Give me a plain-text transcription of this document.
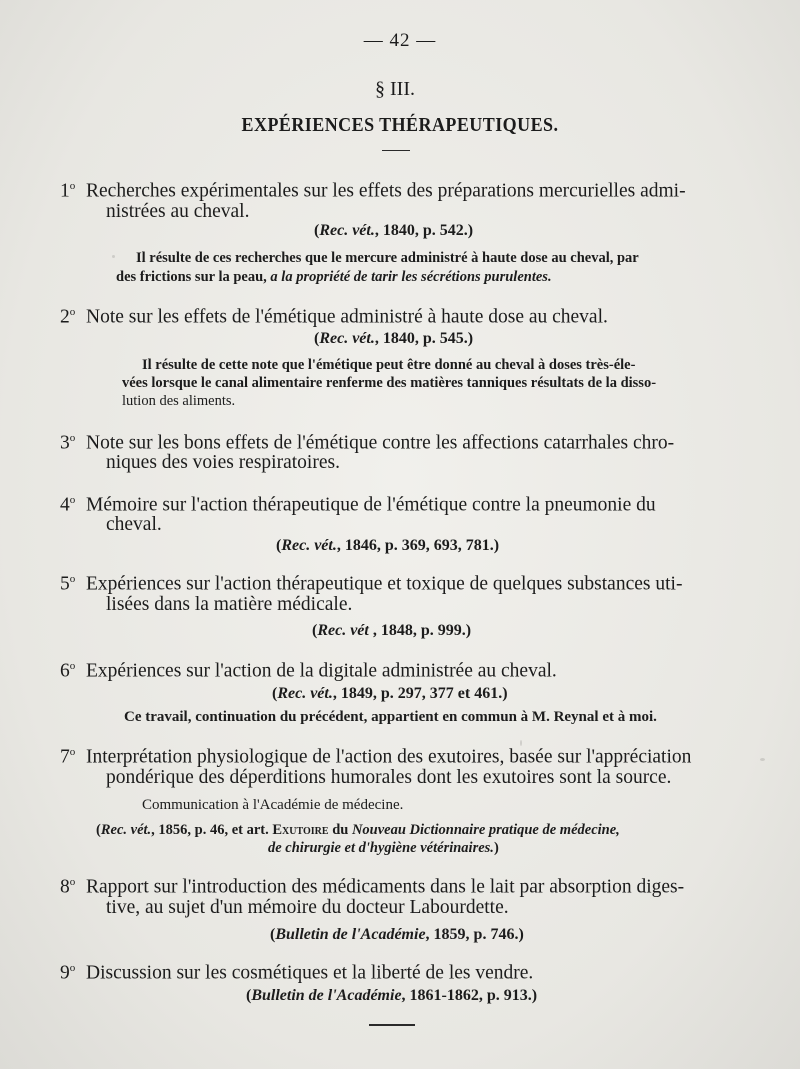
— 42 —
§ III.
EXPÉRIENCES THÉRAPEUTIQUES.
1$^o$ Recherches expérimentales sur les effets des préparations mercurielles admi-
nistrées au cheval.
(Rec. vét., 1840, p. 542.)
Il résulte de ces recherches que le mercure administré à haute dose au cheval, par
des frictions sur la peau, a la propriété de tarir les sécrétions purulentes.
2$^o$ Note sur les effets de l'émétique administré à haute dose au cheval.
(Rec. vét., 1840, p. 545.)
Il résulte de cette note que l'émétique peut être donné au cheval à doses très-éle-
vées lorsque le canal alimentaire renferme des matières tanniques résultats de la disso-
lution des aliments.
3$^o$ Note sur les bons effets de l'émétique contre les affections catarrhales chro-
niques des voies respiratoires.
4$^o$ Mémoire sur l'action thérapeutique de l'émétique contre la pneumonie du
cheval.
(Rec. vét., 1846, p. 369, 693, 781.)
5$^o$ Expériences sur l'action thérapeutique et toxique de quelques substances uti-
lisées dans la matière médicale.
(Rec. vét , 1848, p. 999.)
6$^o$ Expériences sur l'action de la digitale administrée au cheval.
(Rec. vét., 1849, p. 297, 377 et 461.)
Ce travail, continuation du précédent, appartient en commun à M. Reynal et à moi.
7$^o$ Interprétation physiologique de l'action des exutoires, basée sur l'appréciation
pondérique des déperditions humorales dont les exutoires sont la source.
Communication à l'Académie de médecine.
(Rec. vét., 1856, p. 46, et art. Exutoire du Nouveau Dictionnaire pratique de médecine,
de chirurgie et d'hygiène vétérinaires.)
8$^o$ Rapport sur l'introduction des médicaments dans le lait par absorption diges-
tive, au sujet d'un mémoire du docteur Labourdette.
(Bulletin de l'Académie, 1859, p. 746.)
9$^o$ Discussion sur les cosmétiques et la liberté de les vendre.
(Bulletin de l'Académie, 1861-1862, p. 913.)
